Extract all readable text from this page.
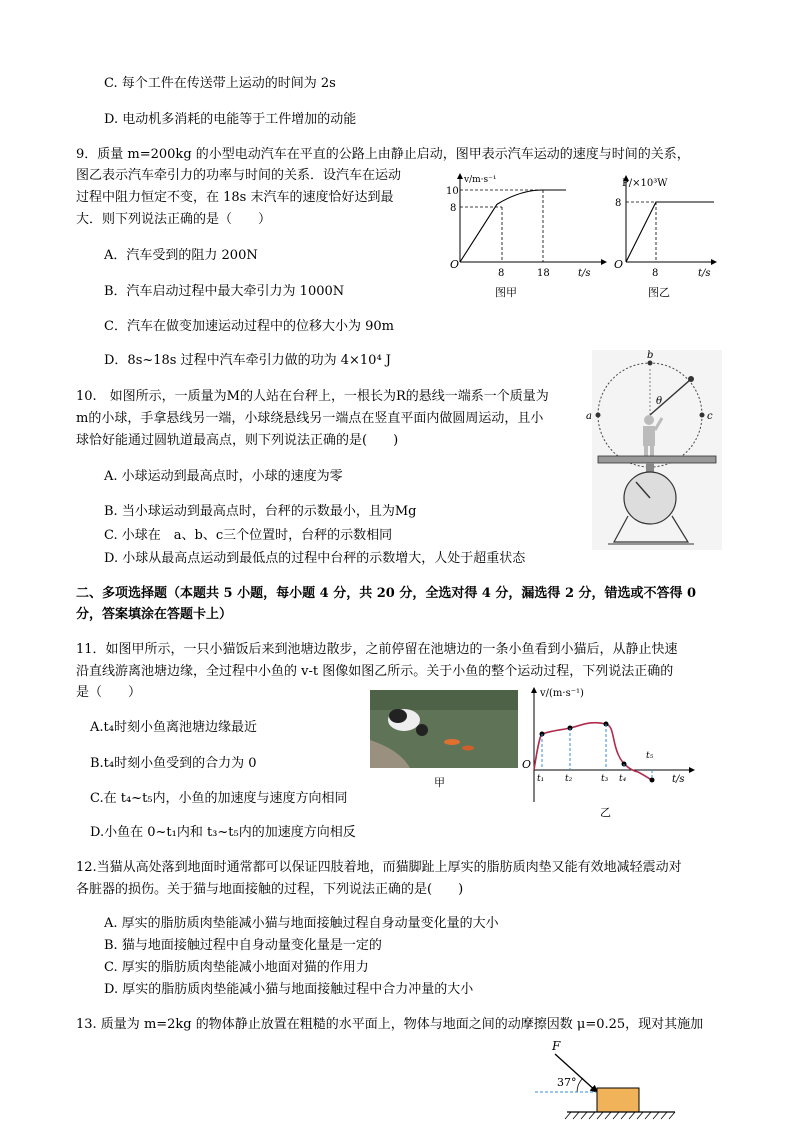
C. 每个工件在传送带上运动的时间为 2s
D. 电动机多消耗的电能等于工件增加的动能
9．质量 m=200kg 的小型电动汽车在平直的公路上由静止启动，图甲表示汽车运动的速度与时间的关系，
图乙表示汽车牵引力的功率与时间的关系．设汽车在运动
过程中阻力恒定不变，在 18s 末汽车的速度恰好达到最
大．则下列说法正确的是（　　）
A．汽车受到的阻力 200N
B．汽车启动过程中最大牵引力为 1000N
C．汽车在做变加速运动过程中的位移大小为 90m
D．8s~18s 过程中汽车牵引力做的功为 4×10⁴ J
v/m·s⁻¹
10
8
O
8	18	t/s
图甲
P/×10³W
8
O
8	t/s
图乙
10.　如图所示，一质量为M的人站在台秤上，一根长为R的悬线一端系一个质量为
m的小球，手拿悬线另一端，小球绕悬线另一端点在竖直平面内做圆周运动，且小
球恰好能通过圆轨道最高点，则下列说法正确的是(　　)
A. 小球运动到最高点时，小球的速度为零
B. 当小球运动到最高点时，台秤的示数最小，且为Mg
C. 小球在　a、b、c三个位置时，台秤的示数相同
D. 小球从最高点运动到最低点的过程中台秤的示数增大，人处于超重状态
b
a	c
θ
二、多项选择题（本题共 5 小题，每小题 4 分，共 20 分，全选对得 4 分，漏选得 2 分，错选或不答得 0
分，答案填涂在答题卡上）
11．如图甲所示，一只小猫饭后来到池塘边散步，之前停留在池塘边的一条小鱼看到小猫后，从静止快速
沿直线游离池塘边缘，全过程中小鱼的 v-t 图像如图乙所示。关于小鱼的整个运动过程，下列说法正确的
是（　　）
A.t₄时刻小鱼离池塘边缘最近
B.t₄时刻小鱼受到的合力为 0
C.在 t₄~t₅内，小鱼的加速度与速度方向相同
D.小鱼在 0~t₁内和 t₃~t₅内的加速度方向相反
甲
v/(m·s⁻¹)
O
t₁ t₂	t₃ t₄
t₅
t/s
乙
12.当猫从高处落到地面时通常都可以保证四肢着地，而猫脚趾上厚实的脂肪质肉垫又能有效地减轻震动对
各脏器的损伤。关于猫与地面接触的过程，下列说法正确的是(　　)
A. 厚实的脂肪质肉垫能减小猫与地面接触过程自身动量变化量的大小
B. 猫与地面接触过程中自身动量变化量是一定的
C. 厚实的脂肪质肉垫能减小地面对猫的作用力
D. 厚实的脂肪质肉垫能减小猫与地面接触过程中合力冲量的大小
13. 质量为 m=2kg 的物体静止放置在粗糙的水平面上，物体与地面之间的动摩擦因数 μ=0.25，现对其施加
F
37°
